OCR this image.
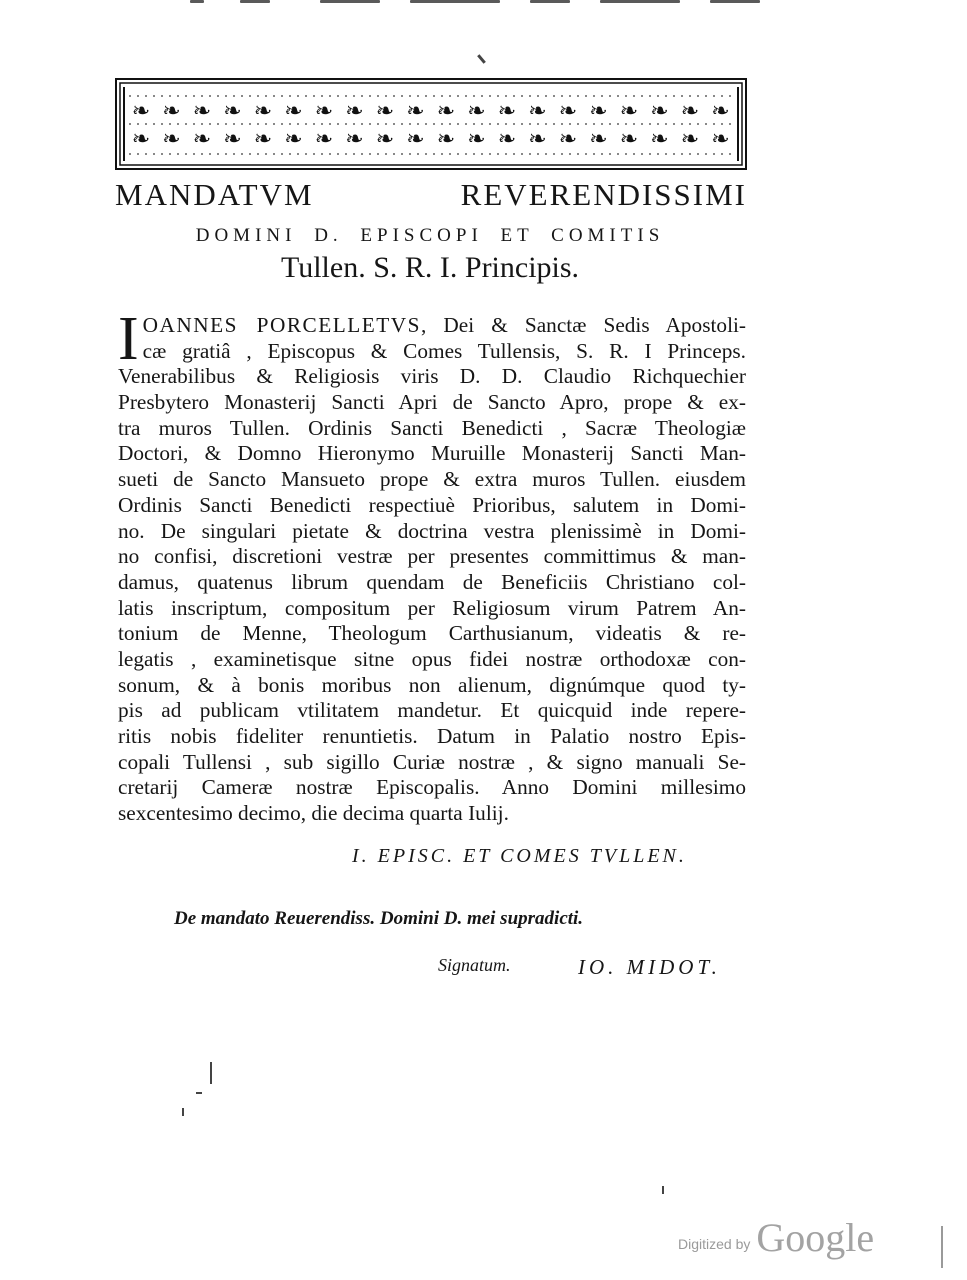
❧ ❧ ❧ ❧ ❧ ❧ ❧ ❧ ❧ ❧ ❧ ❧ ❧ ❧ ❧ ❧ ❧ ❧ ❧ ❧
❧ ❧ ❧ ❧ ❧ ❧ ❧ ❧ ❧ ❧ ❧ ❧ ❧ ❧ ❧ ❧ ❧ ❧ ❧ ❧
MANDATVM REVERENDISSIMI
DOMINI D. EPISCOPI ET COMITIS
Tullen. S. R. I. Principis.
I OANNES PORCELLETVS, Dei & Sanctæ Sedis Apostoli-
cæ gratiâ , Episcopus & Comes Tullensis, S. R. I Princeps.
Venerabilibus & Religiosis viris D. D. Claudio Richquechier
Presbytero Monasterij Sancti Apri de Sancto Apro, prope & ex-
tra muros Tullen. Ordinis Sancti Benedicti , Sacræ Theologiæ
Doctori, & Domno Hieronymo Muruille Monasterij Sancti Man-
sueti de Sancto Mansueto prope & extra muros Tullen. eiusdem
Ordinis Sancti Benedicti respectiuè Prioribus, salutem in Domi-
no. De singulari pietate & doctrina vestra plenissimè in Domi-
no confisi, discretioni vestræ per presentes committimus & man-
damus, quatenus librum quendam de Beneficiis Christiano col-
latis inscriptum, compositum per Religiosum virum Patrem An-
tonium de Menne, Theologum Carthusianum, videatis & re-
legatis , examinetisque sitne opus fidei nostræ orthodoxæ con-
sonum, & à bonis moribus non alienum, dignúmque quod ty-
pis ad publicam vtilitatem mandetur. Et quicquid inde repere-
ritis nobis fideliter renuntietis. Datum in Palatio nostro Epis-
copali Tullensi , sub sigillo Curiæ nostræ , & signo manuali Se-
cretarij Cameræ nostræ Episcopalis. Anno Domini millesimo
sexcentesimo decimo, die decima quarta Iulij.
I. EPISC. ET COMES TVLLEN.
De mandato Reuerendiss. Domini D. mei supradicti.
Signatum.	IO. MIDOT.
Digitized by Google
